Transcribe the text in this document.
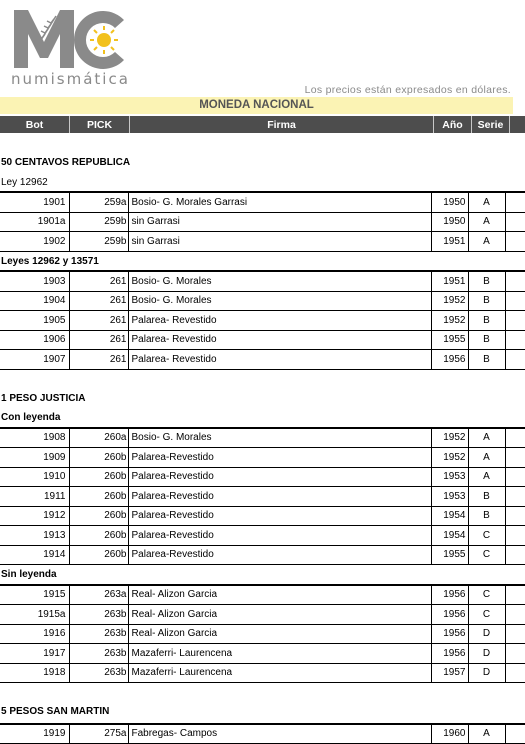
numismática
Los precios están expresados en dólares.
MONEDA NACIONAL
Bot	PICK	Firma	Año	Serie	
50 CENTAVOS REPUBLICA
Ley 12962
1901	259a	Bosio- G. Morales Garrasi	1950	A	
1901a	259b	sin Garrasi	1950	A	
1902	259b	sin Garrasi	1951	A	
Leyes 12962 y 13571
1903	261	Bosio- G. Morales	1951	B	
1904	261	Bosio- G. Morales	1952	B	
1905	261	Palarea- Revestido	1952	B	
1906	261	Palarea- Revestido	1955	B	
1907	261	Palarea- Revestido	1956	B	
1 PESO JUSTICIA
Con leyenda
1908	260a	Bosio- G. Morales	1952	A	
1909	260b	Palarea-Revestido	1952	A	
1910	260b	Palarea-Revestido	1953	A	
1911	260b	Palarea-Revestido	1953	B	
1912	260b	Palarea-Revestido	1954	B	
1913	260b	Palarea-Revestido	1954	C	
1914	260b	Palarea-Revestido	1955	C	
Sin leyenda
1915	263a	Real- Alizon Garcia	1956	C	
1915a	263b	Real- Alizon Garcia	1956	C	
1916	263b	Real- Alizon Garcia	1956	D	
1917	263b	Mazaferri- Laurencena	1956	D	
1918	263b	Mazaferri- Laurencena	1957	D	
5 PESOS SAN MARTIN
1919	275a	Fabregas- Campos	1960	A	
